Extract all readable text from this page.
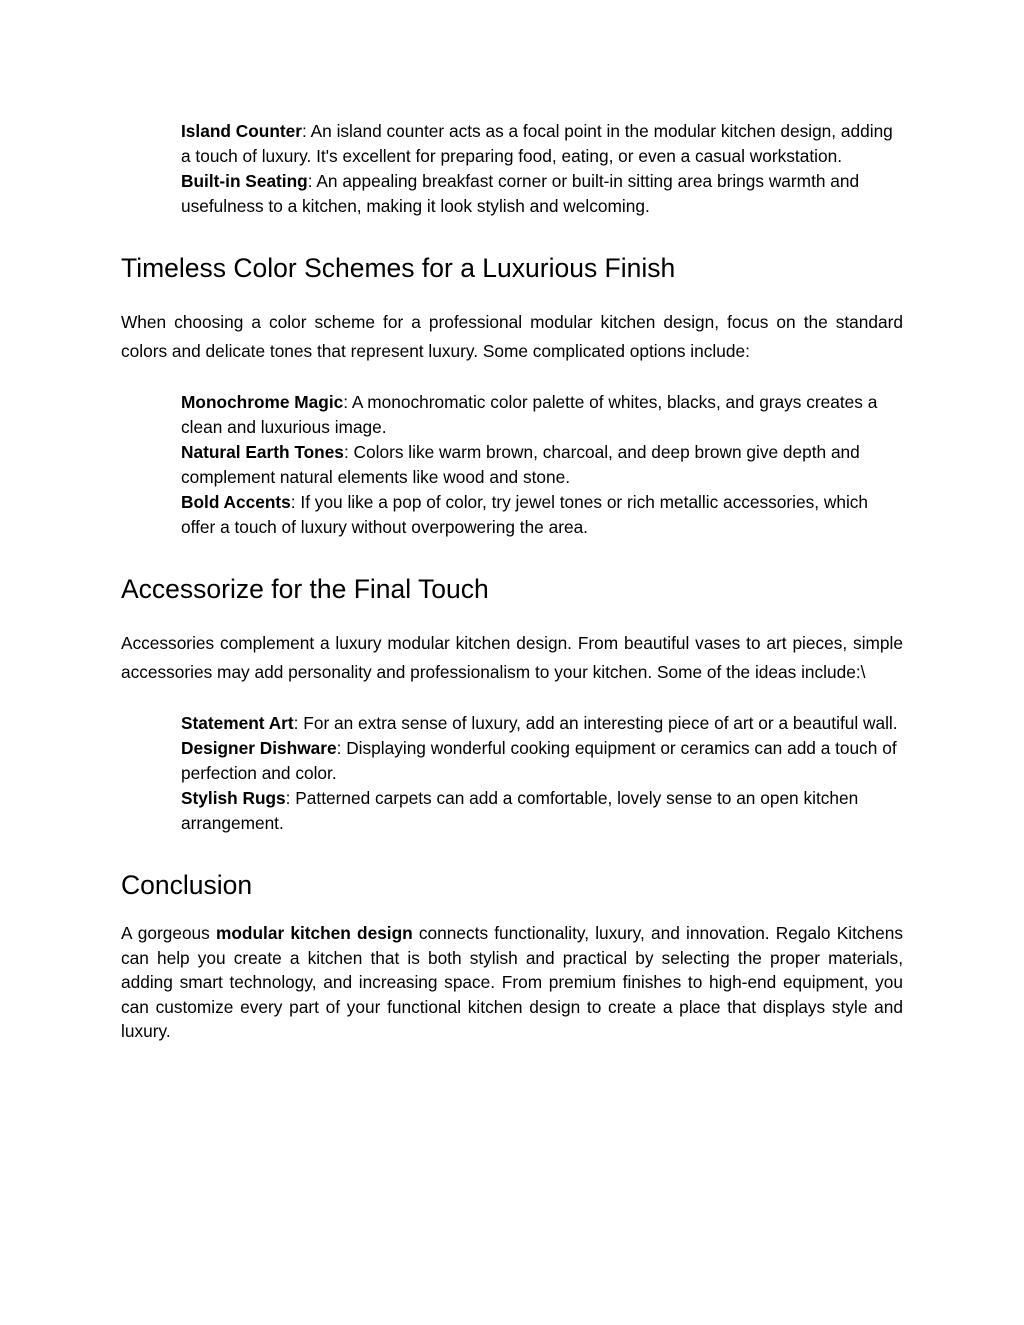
Island Counter: An island counter acts as a focal point in the modular kitchen design, adding a touch of luxury. It's excellent for preparing food, eating, or even a casual workstation.
Built-in Seating: An appealing breakfast corner or built-in sitting area brings warmth and usefulness to a kitchen, making it look stylish and welcoming.
Timeless Color Schemes for a Luxurious Finish

When choosing a color scheme for a professional modular kitchen design, focus on the standard colors and delicate tones that represent luxury. Some complicated options include:

Monochrome Magic: A monochromatic color palette of whites, blacks, and grays creates a clean and luxurious image.
Natural Earth Tones: Colors like warm brown, charcoal, and deep brown give depth and complement natural elements like wood and stone.
Bold Accents: If you like a pop of color, try jewel tones or rich metallic accessories, which offer a touch of luxury without overpowering the area.
Accessorize for the Final Touch

Accessories complement a luxury modular kitchen design. From beautiful vases to art pieces, simple accessories may add personality and professionalism to your kitchen. Some of the ideas include:\

Statement Art: For an extra sense of luxury, add an interesting piece of art or a beautiful wall.
Designer Dishware: Displaying wonderful cooking equipment or ceramics can add a touch of perfection and color.
Stylish Rugs: Patterned carpets can add a comfortable, lovely sense to an open kitchen arrangement.
Conclusion

A gorgeous modular kitchen design connects functionality, luxury, and innovation. Regalo Kitchens can help you create a kitchen that is both stylish and practical by selecting the proper materials, adding smart technology, and increasing space. From premium finishes to high-end equipment, you can customize every part of your functional kitchen design to create a place that displays style and luxury.
